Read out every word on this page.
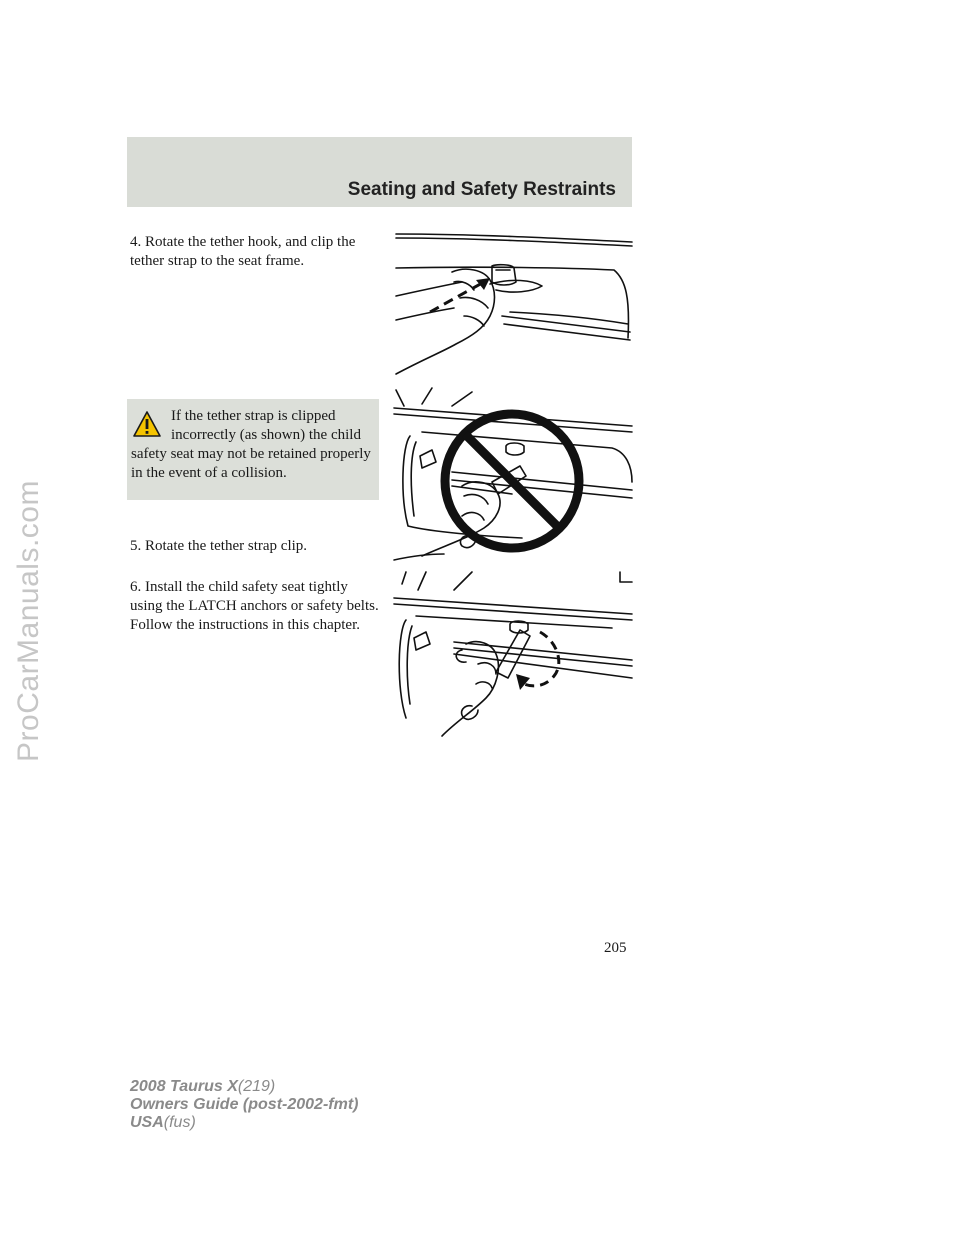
ProCarManuals.com
Seating and Safety Restraints

4. Rotate the tether hook, and clip the tether strap to the seat frame.

If the tether strap is clipped incorrectly (as shown) the child safety seat may not be retained properly in the event of a collision.

5. Rotate the tether strap clip.

6. Install the child safety seat tightly using the LATCH anchors or safety belts. Follow the instructions in this chapter.

205

2008 Taurus X(219)
Owners Guide (post-2002-fmt)
USA(fus)
